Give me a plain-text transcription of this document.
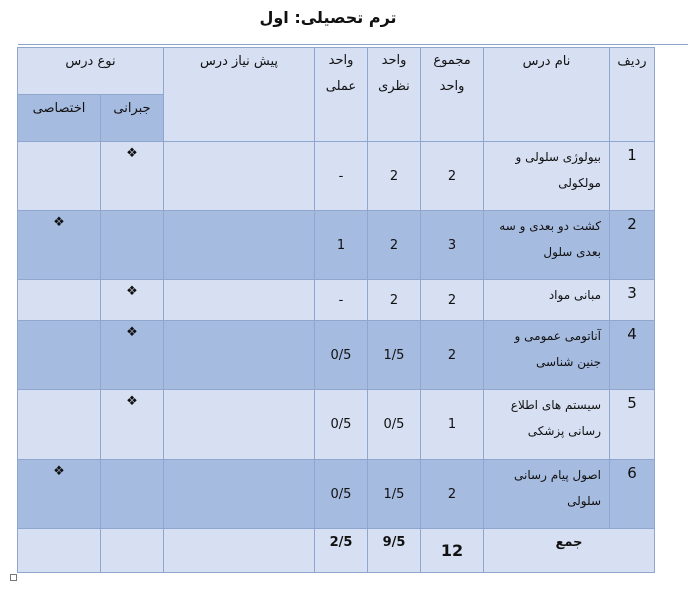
ترم تحصیلی: اول
ردیف	نام درس	مجموع واحد	واحد نظری	واحد عملی	پیش نیاز درس	نوع درس	
						جبرانی	اختصاصی
1	بیولوژی سلولی و مولکولی	2	2	-		❖	
2	کشت دو بعدی و سه بعدی سلول	3	2	1			❖
3	مبانی مواد	2	2	-		❖	
4	آناتومی عمومی و جنین شناسی	2	1/5	0/5		❖	
5	سیستم های اطلاع رسانی پزشکی	1	0/5	0/5		❖	
6	اصول پیام رسانی سلولی	2	1/5	0/5			❖
جمع		12	9/5	2/5			
